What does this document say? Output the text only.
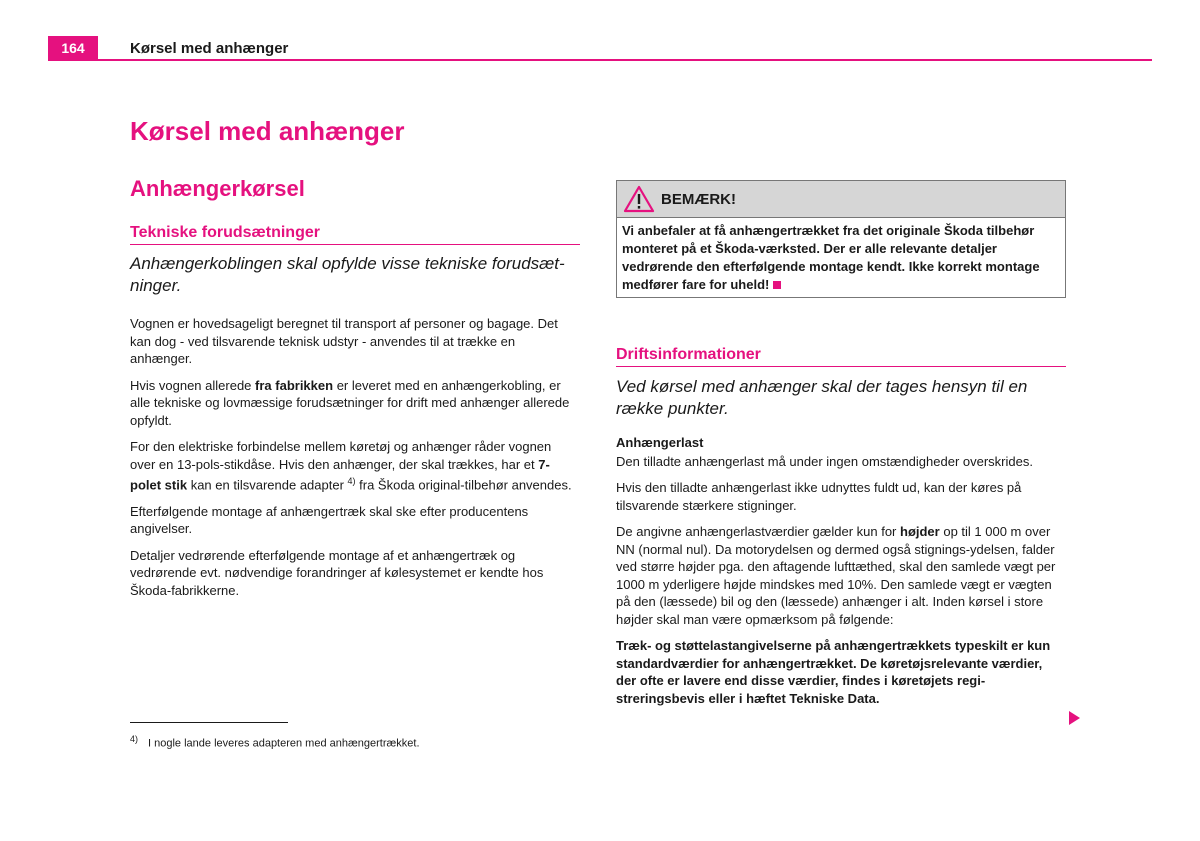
164	Kørsel med anhænger
Kørsel med anhænger
Anhængerkørsel
Tekniske forudsætninger

Anhængerkoblingen skal opfylde visse tekniske forudsæt-ninger.

Vognen er hovedsageligt beregnet til transport af personer og bagage. Det kan dog - ved tilsvarende teknisk udstyr - anvendes til at trække en anhænger.

Hvis vognen allerede fra fabrikken er leveret med en anhængerkobling, er alle tekniske og lovmæssige forudsætninger for drift med anhænger allerede opfyldt.

For den elektriske forbindelse mellem køretøj og anhænger råder vognen over en 13-pols-stikdåse. Hvis den anhænger, der skal trækkes, har et 7-polet stik kan en tilsvarende adapter $^{4)}$ fra Škoda original-tilbehør anvendes.

Efterfølgende montage af anhængertræk skal ske efter producentens angivelser.

Detaljer vedrørende efterfølgende montage af et anhængertræk og vedrørende evt. nødvendige forandringer af kølesystemet er kendte hos Škoda-fabrikkerne.

BEMÆRK!
Vi anbefaler at få anhængertrækket fra det originale Škoda tilbehør monteret på et Škoda-værksted. Der er alle relevante detaljer vedrørende den efterfølgende montage kendt. Ikke korrekt montage medfører fare for uheld!
Driftsinformationer

Ved kørsel med anhænger skal der tages hensyn til en række punkter.

Anhængerlast

Den tilladte anhængerlast må under ingen omstændigheder overskrides.

Hvis den tilladte anhængerlast ikke udnyttes fuldt ud, kan der køres på tilsvarende stærkere stigninger.

De angivne anhængerlastværdier gælder kun for højder op til 1 000 m over NN (normal nul). Da motorydelsen og dermed også stignings-ydelsen, falder ved større højder pga. den aftagende lufttæthed, skal den samlede vægt per 1000 m yderligere højde mindskes med 10%. Den samlede vægt er vægten på den (læssede) bil og den (læssede) anhænger i alt. Inden kørsel i store højder skal man være opmærksom på følgende:

Træk- og støttelastangivelserne på anhængertrækkets typeskilt er kun standardværdier for anhængertrækket. De køretøjsrelevante værdier, der ofte er lavere end disse værdier, findes i køretøjets regi-streringsbevis eller i hæftet Tekniske Data.

$^{4)}$ I nogle lande leveres adapteren med anhængertrækket.
